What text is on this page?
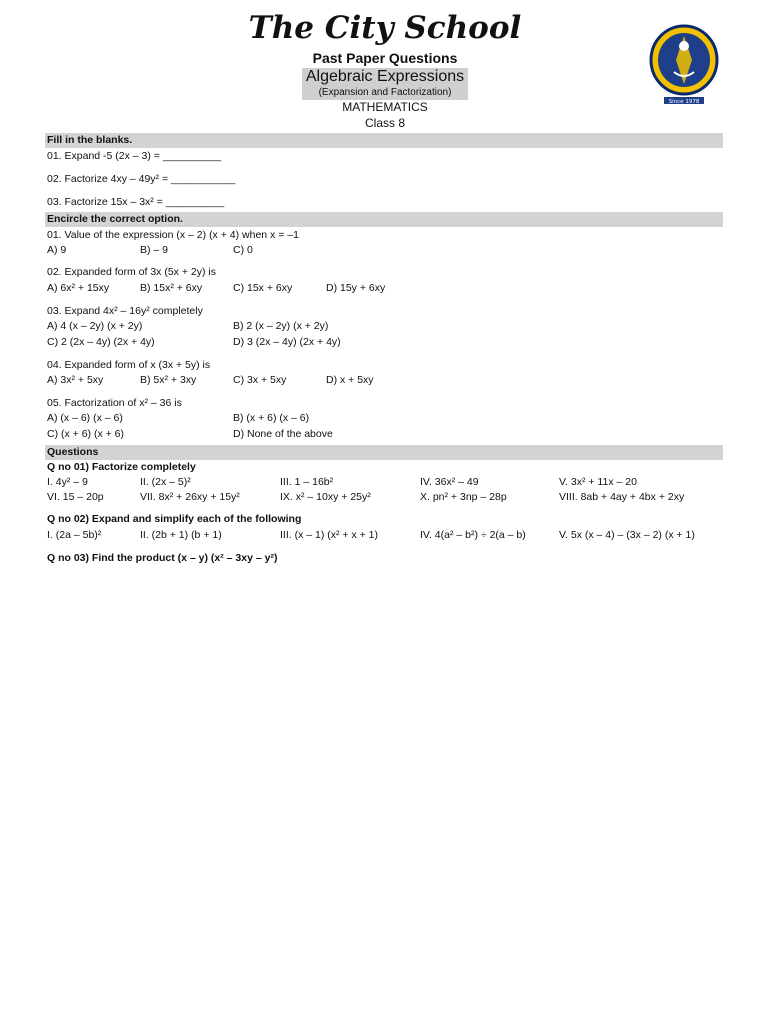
The City School
Past Paper Questions
Algebraic Expressions
(Expansion and Factorization)
MATHEMATICS
Class 8
Since 1978
Fill in the blanks.
01. Expand -5 (2x – 3) = __________
02. Factorize 4xy – 49y² = ___________
03. Factorize 15x – 3x² = __________
Encircle the correct option.
01. Value of the expression (x – 2) (x + 4) when x = –1
A) 9	B) – 9	C) 0
02. Expanded form of 3x (5x + 2y) is
A) 6x² + 15xy	B) 15x² + 6xy	C) 15x + 6xy	D) 15y + 6xy
03. Expand 4x² – 16y² completely
A) 4 (x – 2y) (x + 2y)	B) 2 (x – 2y) (x + 2y)
C) 2 (2x – 4y) (2x + 4y)	D) 3 (2x – 4y) (2x + 4y)
04. Expanded form of x (3x + 5y) is
A) 3x² + 5xy	B) 5x² + 3xy	C) 3x + 5xy	D) x + 5xy
05. Factorization of x² – 36 is
A) (x – 6) (x – 6)	B) (x + 6) (x – 6)
C) (x + 6) (x + 6)	D) None of the above
Questions
Q no 01) Factorize completely
I. 4y² – 9	II. (2x – 5)²	III. 1 – 16b²	IV. 36x² – 49	V. 3x² + 11x – 20
VI. 15 – 20p	VII. 8x² + 26xy + 15y²	IX. x² – 10xy + 25y²	X. pn² + 3np – 28p	VIII. 8ab + 4ay + 4bx + 2xy
Q no 02) Expand and simplify each of the following
I. (2a – 5b)²	II. (2b + 1) (b + 1)	III. (x – 1) (x² + x + 1)	IV. 4(a² – b²) ÷ 2(a – b)	V. 5x (x – 4) – (3x – 2) (x + 1)
Q no 03) Find the product (x – y) (x² – 3xy – y²)
